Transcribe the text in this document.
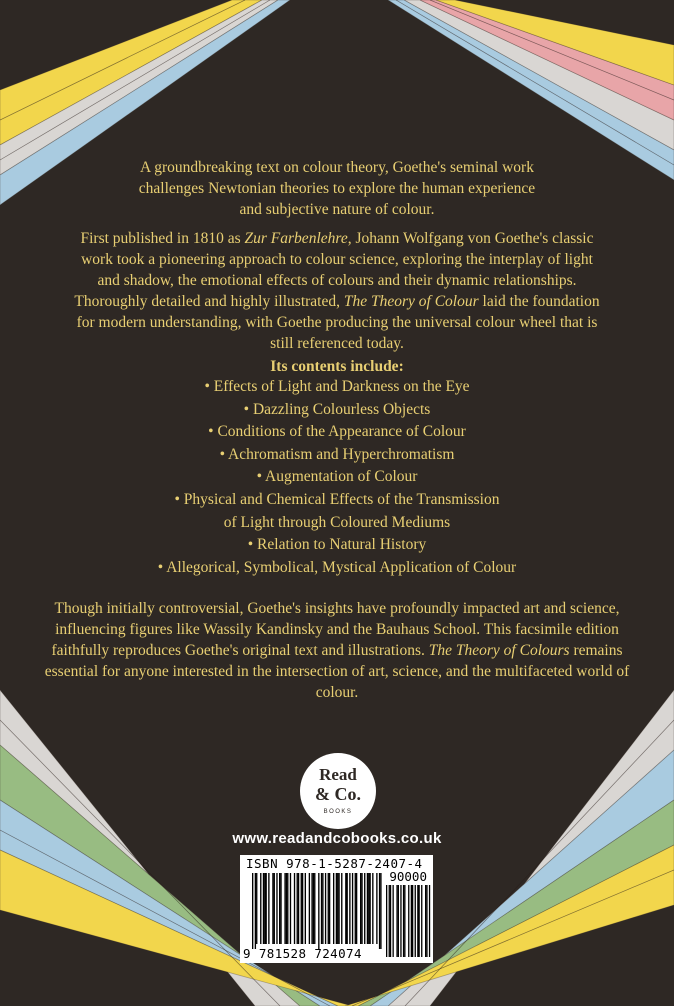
A groundbreaking text on colour theory, Goethe's seminal work challenges Newtonian theories to explore the human experience and subjective nature of colour.

First published in 1810 as Zur Farbenlehre, Johann Wolfgang von Goethe's classic work took a pioneering approach to colour science, exploring the interplay of light and shadow, the emotional effects of colours and their dynamic relationships. Thoroughly detailed and highly illustrated, The Theory of Colour laid the foundation for modern understanding, with Goethe producing the universal colour wheel that is still referenced today.

Its contents include:
• Effects of Light and Darkness on the Eye
• Dazzling Colourless Objects
• Conditions of the Appearance of Colour
• Achromatism and Hyperchromatism
• Augmentation of Colour
• Physical and Chemical Effects of the Transmission
of Light through Coloured Mediums
• Relation to Natural History
• Allegorical, Symbolical, Mystical Application of Colour

Though initially controversial, Goethe's insights have profoundly impacted art and science, influencing figures like Wassily Kandinsky and the Bauhaus School. This facsimile edition faithfully reproduces Goethe's original text and illustrations. The Theory of Colours remains essential for anyone interested in the intersection of art, science, and the multifaceted world of colour.

Read
& Co.
BOOKS
www.readandcobooks.co.uk
ISBN 978-1-5287-2407-4
90000
9 781528 724074
